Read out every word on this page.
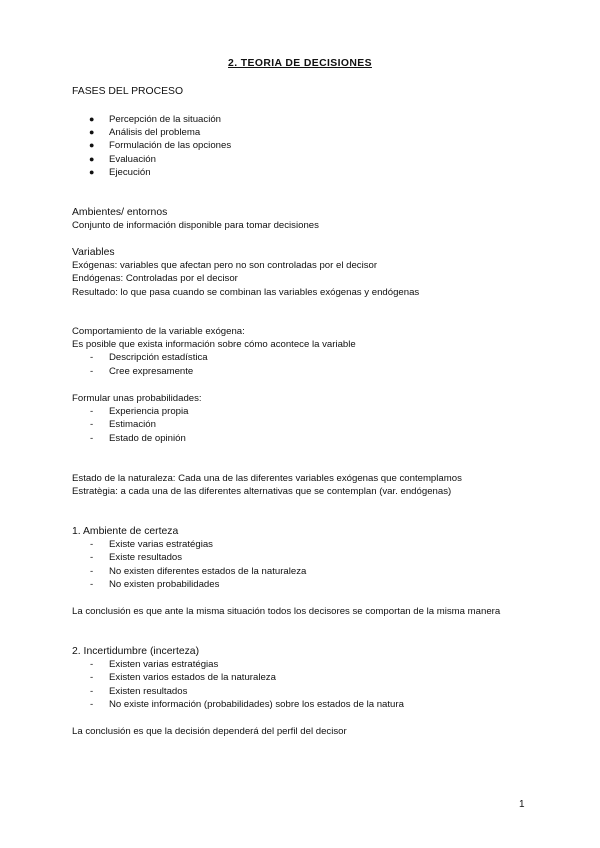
2. TEORIA DE DECISIONES

FASES DEL PROCESO

● Percepción de la situación
● Análisis del problema
● Formulación de las opciones
● Evaluación
● Ejecución

Ambientes/ entornos

Conjunto de información disponible para tomar decisiones

Variables

Exógenas: variables que afectan pero no son controladas por el decisor

Endógenas: Controladas por el decisor

Resultado: lo que pasa cuando se combinan las variables exógenas y endógenas

Comportamiento de la variable exógena:

Es posible que exista información sobre cómo acontece la variable

- Descripción estadística
- Cree expresamente

Formular unas probabilidades:

- Experiencia propia
- Estimación
- Estado de opinión

Estado de la naturaleza: Cada una de las diferentes variables exógenas que contemplamos

Estratègia: a cada una de las diferentes alternativas que se contemplan (var. endógenas)

1. Ambiente de certeza

- Existe varias estratégias
- Existe resultados
- No existen diferentes estados de la naturaleza
- No existen probabilidades

La conclusión es que ante la misma situación todos los decisores se comportan de la misma manera

2. Incertidumbre (incerteza)

- Existen varias estratégias
- Existen varios estados de la naturaleza
- Existen resultados
- No existe información (probabilidades) sobre los estados de la natura

La conclusión es que la decisión dependerá del perfil del decisor

1
